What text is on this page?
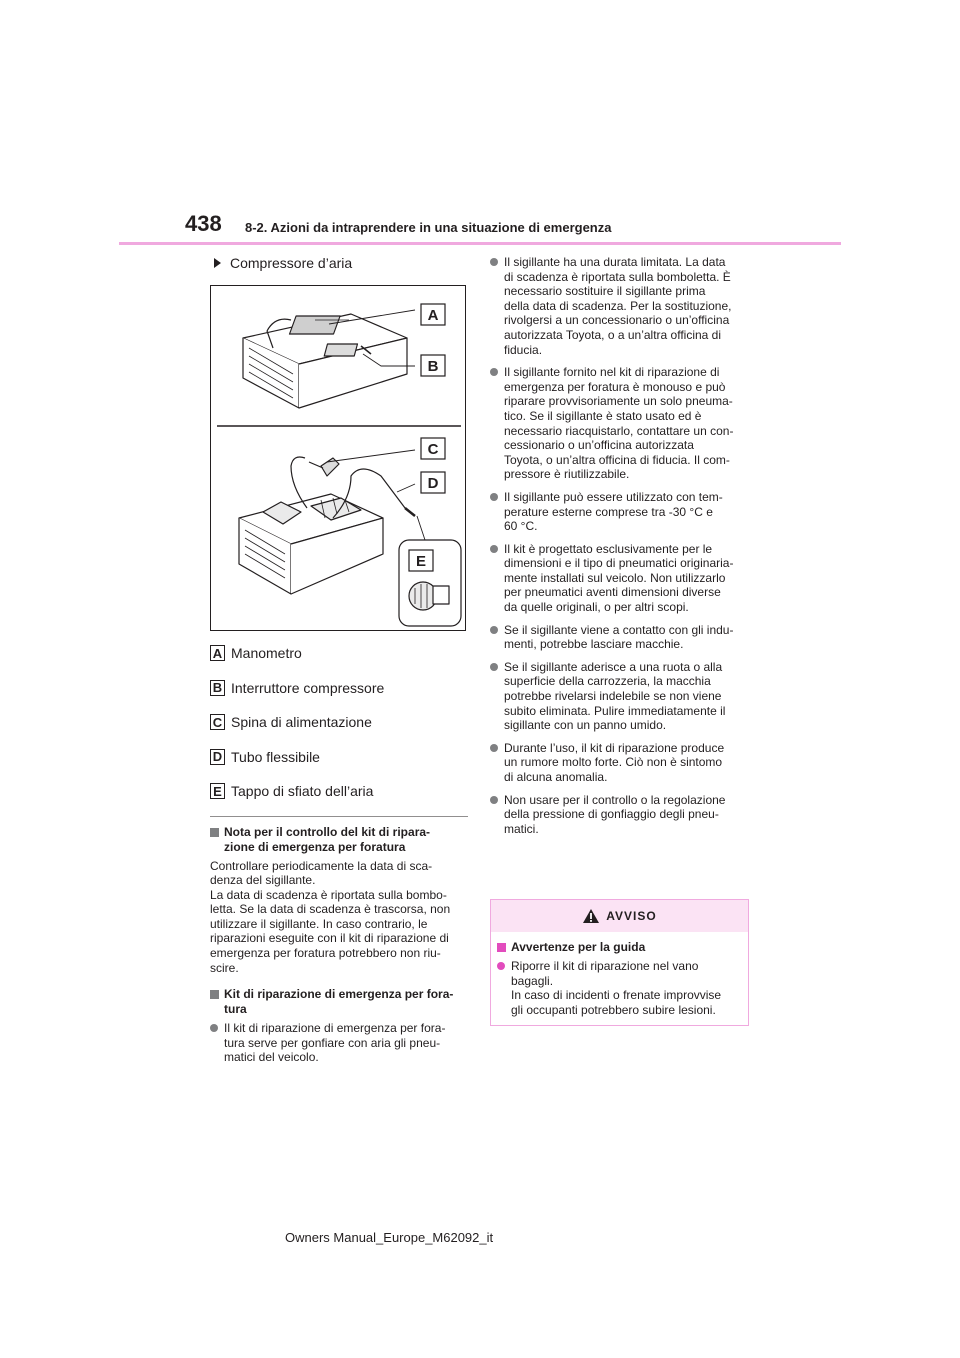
438 8-2. Azioni da intraprendere in una situazione di emergenza
Compressore d’aria
A
B
C
D
E
A Manometro
B Interruttore compressore
C Spina di alimentazione
D Tubo flessibile
E Tappo di sfiato dell’aria
Nota per il controllo del kit di ripara-
zione di emergenza per foratura
Controllare periodicamente la data di sca-
denza del sigillante.
La data di scadenza è riportata sulla bombo-
letta. Se la data di scadenza è trascorsa, non
utilizzare il sigillante. In caso contrario, le
riparazioni eseguite con il kit di riparazione di
emergenza per foratura potrebbero non riu-
scire.
Kit di riparazione di emergenza per fora-
tura
Il kit di riparazione di emergenza per fora-
tura serve per gonfiare con aria gli pneu-
matici del veicolo.
Il sigillante ha una durata limitata. La data
di scadenza è riportata sulla bomboletta. È
necessario sostituire il sigillante prima
della data di scadenza. Per la sostituzione,
rivolgersi a un concessionario o un’officina
autorizzata Toyota, o a un’altra officina di
fiducia.
Il sigillante fornito nel kit di riparazione di
emergenza per foratura è monouso e può
riparare provvisoriamente un solo pneuma-
tico. Se il sigillante è stato usato ed è
necessario riacquistarlo, contattare un con-
cessionario o un’officina autorizzata
Toyota, o un’altra officina di fiducia. Il com-
pressore è riutilizzabile.
Il sigillante può essere utilizzato con tem-
perature esterne comprese tra -30 °C e
60 °C.
Il kit è progettato esclusivamente per le
dimensioni e il tipo di pneumatici originaria-
mente installati sul veicolo. Non utilizzarlo
per pneumatici aventi dimensioni diverse
da quelle originali, o per altri scopi.
Se il sigillante viene a contatto con gli indu-
menti, potrebbe lasciare macchie.
Se il sigillante aderisce a una ruota o alla
superficie della carrozzeria, la macchia
potrebbe rivelarsi indelebile se non viene
subito eliminata. Pulire immediatamente il
sigillante con un panno umido.
Durante l’uso, il kit di riparazione produce
un rumore molto forte. Ciò non è sintomo
di alcuna anomalia.
Non usare per il controllo o la regolazione
della pressione di gonfiaggio degli pneu-
matici.
AVVISO
Avvertenze per la guida
Riporre il kit di riparazione nel vano
bagagli.
In caso di incidenti o frenate improvvise
gli occupanti potrebbero subire lesioni.
Owners Manual_Europe_M62092_it
